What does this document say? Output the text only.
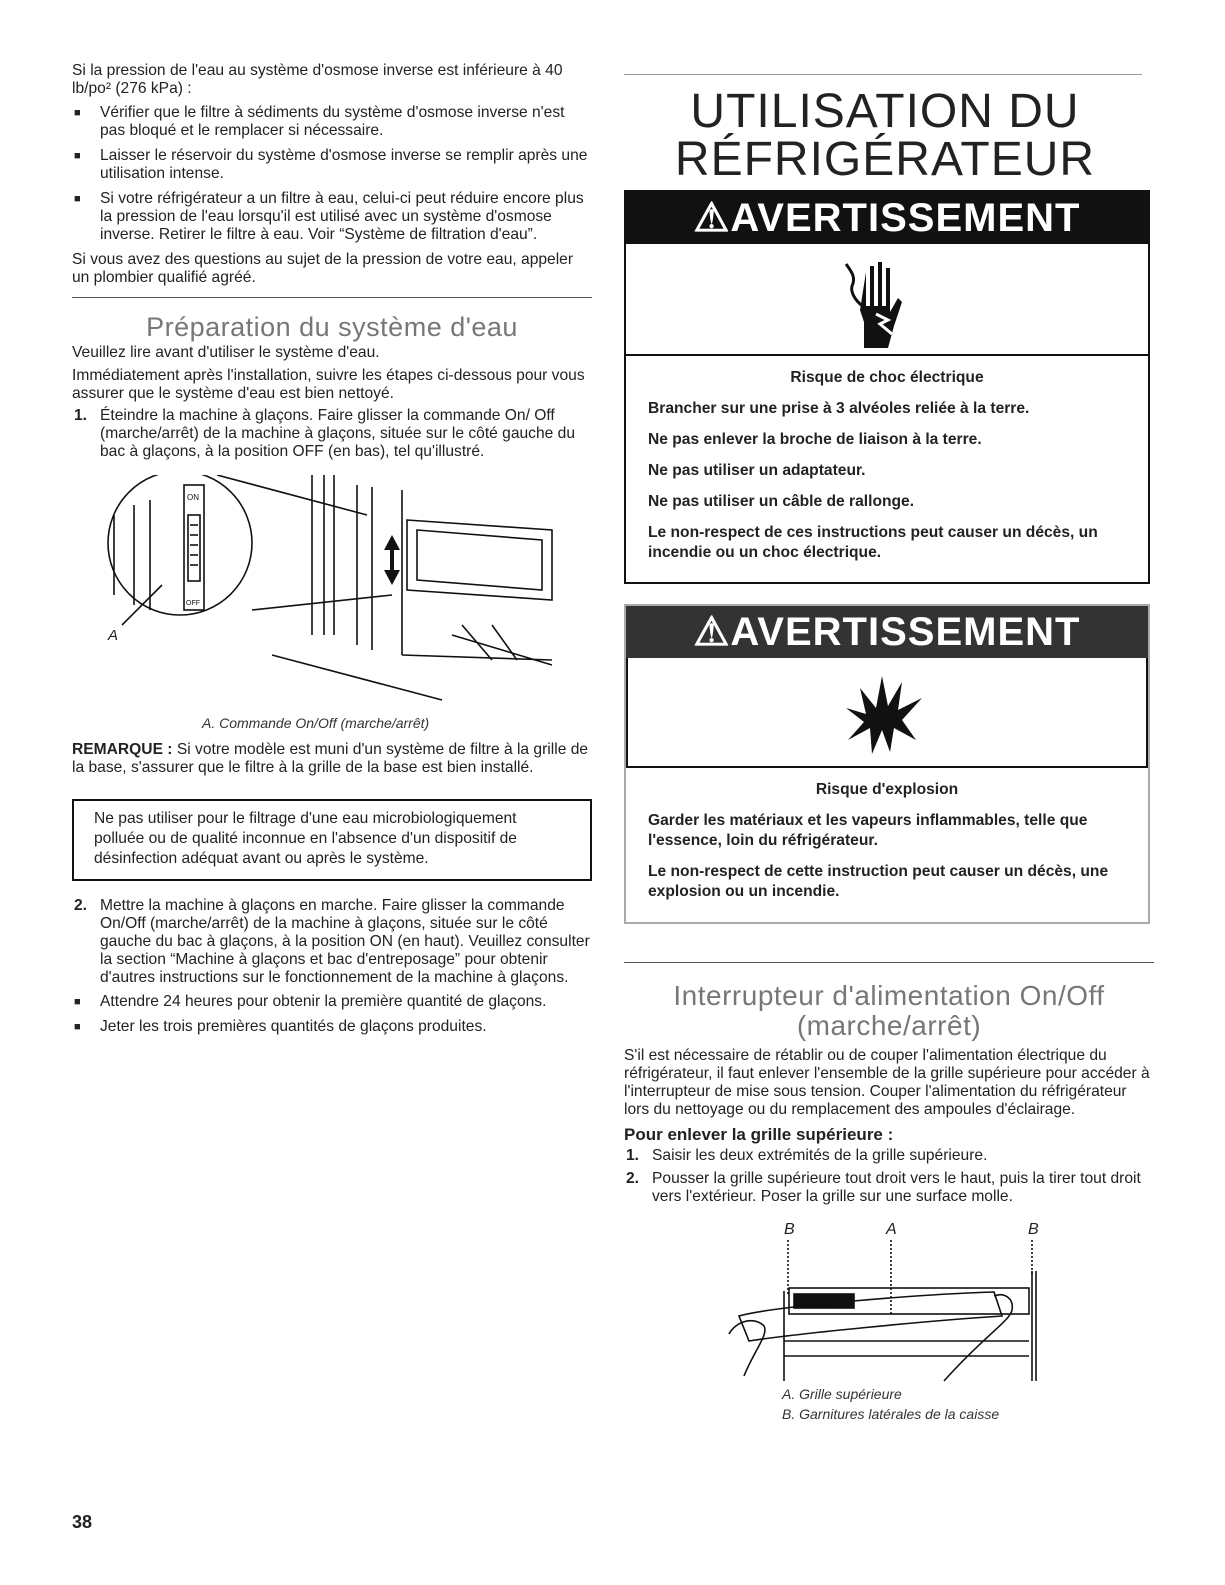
Si la pression de l'eau au système d'osmose inverse est inférieure à 40 lb/po² (276 kPa) :

■ Vérifier que le filtre à sédiments du système d'osmose inverse n'est pas bloqué et le remplacer si nécessaire.

■ Laisser le réservoir du système d'osmose inverse se remplir après une utilisation intense.

■ Si votre réfrigérateur a un filtre à eau, celui-ci peut réduire encore plus la pression de l'eau lorsqu'il est utilisé avec un système d'osmose inverse. Retirer le filtre à eau. Voir “Système de filtration d'eau”.

Si vous avez des questions au sujet de la pression de votre eau, appeler un plombier qualifié agréé.

Préparation du système d'eau

Veuillez lire avant d'utiliser le système d'eau.

Immédiatement après l'installation, suivre les étapes ci-dessous pour vous assurer que le système d'eau est bien nettoyé.

1. Éteindre la machine à glaçons. Faire glisser la commande On/ Off (marche/arrêt) de la machine à glaçons, située sur le côté gauche du bac à glaçons, à la position OFF (en bas), tel qu'illustré.

ON
OFF
A
A. Commande On/Off (marche/arrêt)

REMARQUE : Si votre modèle est muni d'un système de filtre à la grille de la base, s'assurer que le filtre à la grille de la base est bien installé.

Ne pas utiliser pour le filtrage d'une eau microbiologiquement polluée ou de qualité inconnue en l'absence d'un dispositif de désinfection adéquat avant ou après le système.

2. Mettre la machine à glaçons en marche. Faire glisser la commande On/Off (marche/arrêt) de la machine à glaçons, située sur le côté gauche du bac à glaçons, à la position ON (en haut). Veuillez consulter la section “Machine à glaçons et bac d'entreposage” pour obtenir d'autres instructions sur le fonctionnement de la machine à glaçons.

■ Attendre 24 heures pour obtenir la première quantité de glaçons.

■ Jeter les trois premières quantités de glaçons produites.

UTILISATION DU
RÉFRIGÉRATEUR
⚠AVERTISSEMENT

Risque de choc électrique

Brancher sur une prise à 3 alvéoles reliée à la terre.

Ne pas enlever la broche de liaison à la terre.

Ne pas utiliser un adaptateur.

Ne pas utiliser un câble de rallonge.

Le non-respect de ces instructions peut causer un décès, un incendie ou un choc électrique.

⚠AVERTISSEMENT

Risque d'explosion

Garder les matériaux et les vapeurs inflammables, telle que l'essence, loin du réfrigérateur.

Le non-respect de cette instruction peut causer un décès, une explosion ou un incendie.

Interrupteur d'alimentation On/Off
(marche/arrêt)

S'il est nécessaire de rétablir ou de couper l'alimentation électrique du réfrigérateur, il faut enlever l'ensemble de la grille supérieure pour accéder à l'interrupteur de mise sous tension. Couper l'alimentation du réfrigérateur lors du nettoyage ou du remplacement des ampoules d'éclairage.

Pour enlever la grille supérieure :

1. Saisir les deux extrémités de la grille supérieure.

2. Pousser la grille supérieure tout droit vers le haut, puis la tirer tout droit vers l'extérieur. Poser la grille sur une surface molle.

B	A	B
A. Grille supérieure
B. Garnitures latérales de la caisse
38
